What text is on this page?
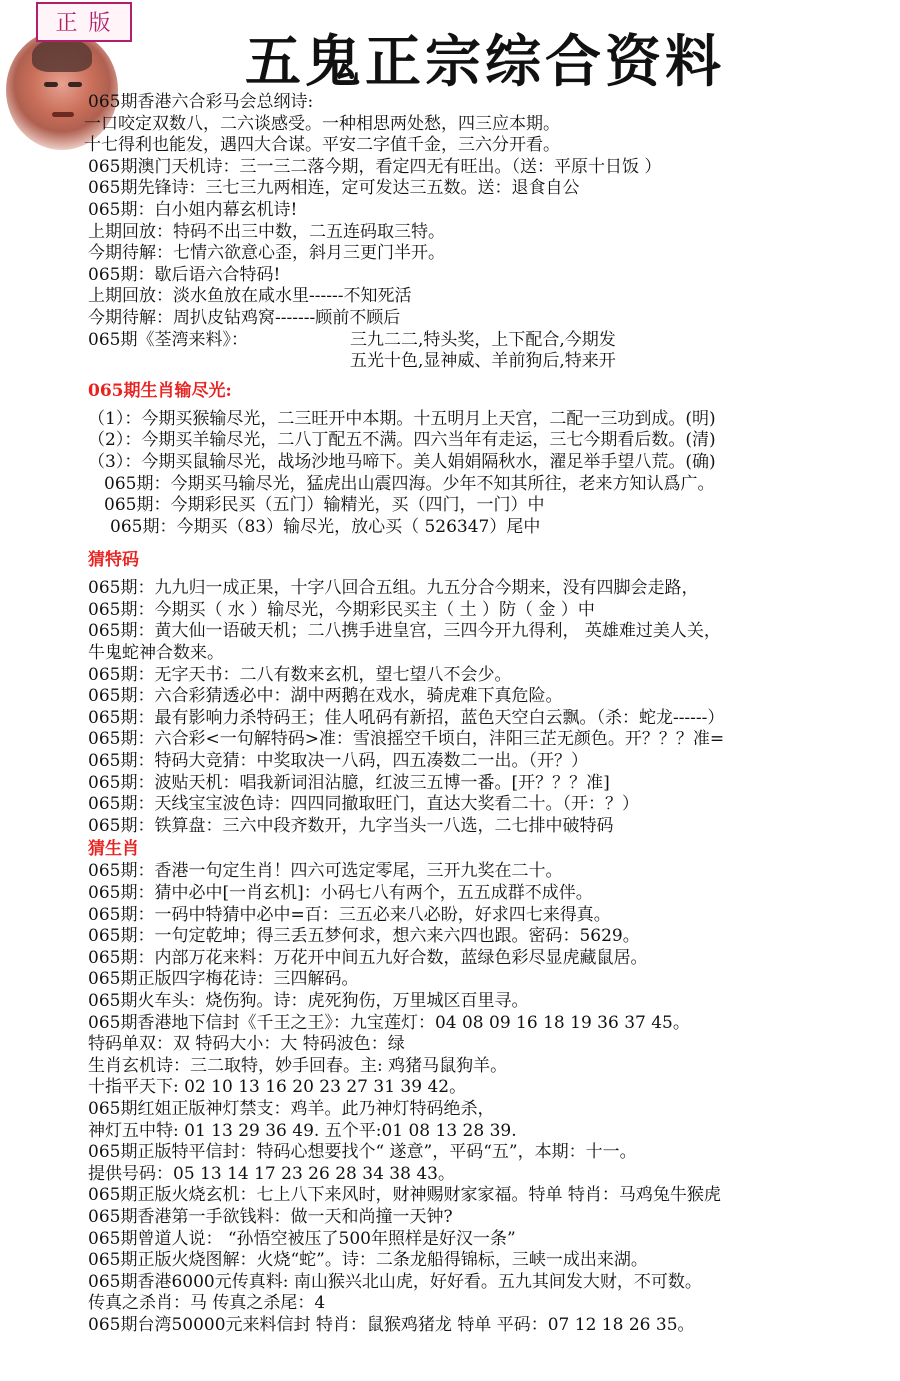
正 版
五鬼正宗综合资料
065期香港六合彩马会总纲诗:
一口咬定双数八，二六谈感受。一种相思两处愁，四三应本期。
十七得利也能发，遇四大合谋。平安二字值千金，三六分开看。
065期澳门天机诗：三一三二落今期，看定四无有旺出。（送：平原十日饭 ）
065期先锋诗：三七三九两相连，定可发达三五数。送：退食自公
065期：白小姐内幕玄机诗!
上期回放：特码不出三中数，二五连码取三特。
今期待解：七情六欲意心歪，斜月三更门半开。
065期：歇后语六合特码!
上期回放：淡水鱼放在咸水里------不知死活
今期待解：周扒皮钻鸡窝-------顾前不顾后
065期《荃湾来料》：	三九二二,特头奖，上下配合,今期发
五光十色,显神威、羊前狗后,特来开
065期生肖输尽光:
（1）：今期买猴输尽光，二三旺开中本期。十五明月上天宫，二配一三功到成。(明)
（2）：今期买羊输尽光，二八丁配五不满。四六当年有走运，三七今期看后数。(清)
（3）：今期买鼠输尽光，战场沙地马啼下。美人娟娟隔秋水，濯足举手望八荒。(确)
065期：今期买马输尽光，猛虎出山震四海。少年不知其所往，老来方知认爲广。
065期：今期彩民买（五门）输精光，买（四门，一门）中
065期：今期买（83）输尽光，放心买（ 526347）尾中
猜特码
065期：九九归一成正果，十字八回合五组。九五分合今期来，没有四脚会走路，
065期：今期买（ 水 ）输尽光，今期彩民买主（ 土 ）防（ 金 ）中
065期：黄大仙一语破天机；二八携手进皇宫，三四今开九得利， 英雄难过美人关，
牛鬼蛇神合数来。
065期：无字天书：二八有数来玄机，望七望八不会少。
065期：六合彩猜透必中：湖中两鹅在戏水，骑虎难下真危险。
065期：最有影响力杀特码王；佳人吼码有新招，蓝色天空白云飘。（杀：蛇龙------）
065期：六合彩<一句解特码>准：雪浪摇空千顷白，沣阳三芷无颜色。开？？？准=
065期：特码大竞猜：中奖取决一八码，四五凑数二一出。（开？）
065期：波贴天机：唱我新词泪沾臆，红波三五博一番。[开？？？准]
065期：天线宝宝波色诗：四四同撤取旺门，直达大奖看二十。（开：？）
065期：铁算盘：三六中段齐数开，九字当头一八选，二七排中破特码
猜生肖
065期：香港一句定生肖！四六可选定零尾，三开九奖在二十。
065期：猜中必中[一肖玄机]：小码七八有两个，五五成群不成伴。
065期：一码中特猜中必中=百：三五必来八必盼，好求四七来得真。
065期：一句定乾坤；得三丢五梦何求，想六来六四也跟。密码：5629。
065期：内部万花来料：万花开中间五九好合数，蓝绿色彩尽显虎藏鼠居。
065期正版四字梅花诗：三四解码。
065期火车头：烧伤狗。诗：虎死狗伤，万里城区百里寻。
065期香港地下信封《千王之王》：九宝莲灯：04 08 09 16 18 19 36 37 45。
特码单双：双 特码大小：大 特码波色：绿
生肖玄机诗：三二取特，妙手回春。主: 鸡猪马鼠狗羊。
十指平天下: 02 10 13 16 20 23 27 31 39 42。
065期红姐正版神灯禁支：鸡羊。此乃神灯特码绝杀，
神灯五中特: 01 13 29 36 49. 五个平:01 08 13 28 39.
065期正版特平信封：特码心想要找个“ 遂意”，平码“五”，本期：十一。
提供号码：05 13 14 17 23 26 28 34 38 43。
065期正版火烧玄机：七上八下来风时，财神赐财家家福。特单 特肖：马鸡兔牛猴虎
065期香港第一手欲钱料：做一天和尚撞一天钟?
065期曾道人说： “孙悟空被压了500年照样是好汉一条”
065期正版火烧图解：火烧“蛇”。诗：二条龙船得锦标，三峡一成出来湖。
065期香港6000元传真料: 南山猴兴北山虎，好好看。五九其间发大财，不可数。
传真之杀肖：马 传真之杀尾：4
065期台湾50000元来料信封 特肖：鼠猴鸡猪龙 特单 平码：07 12 18 26 35。
